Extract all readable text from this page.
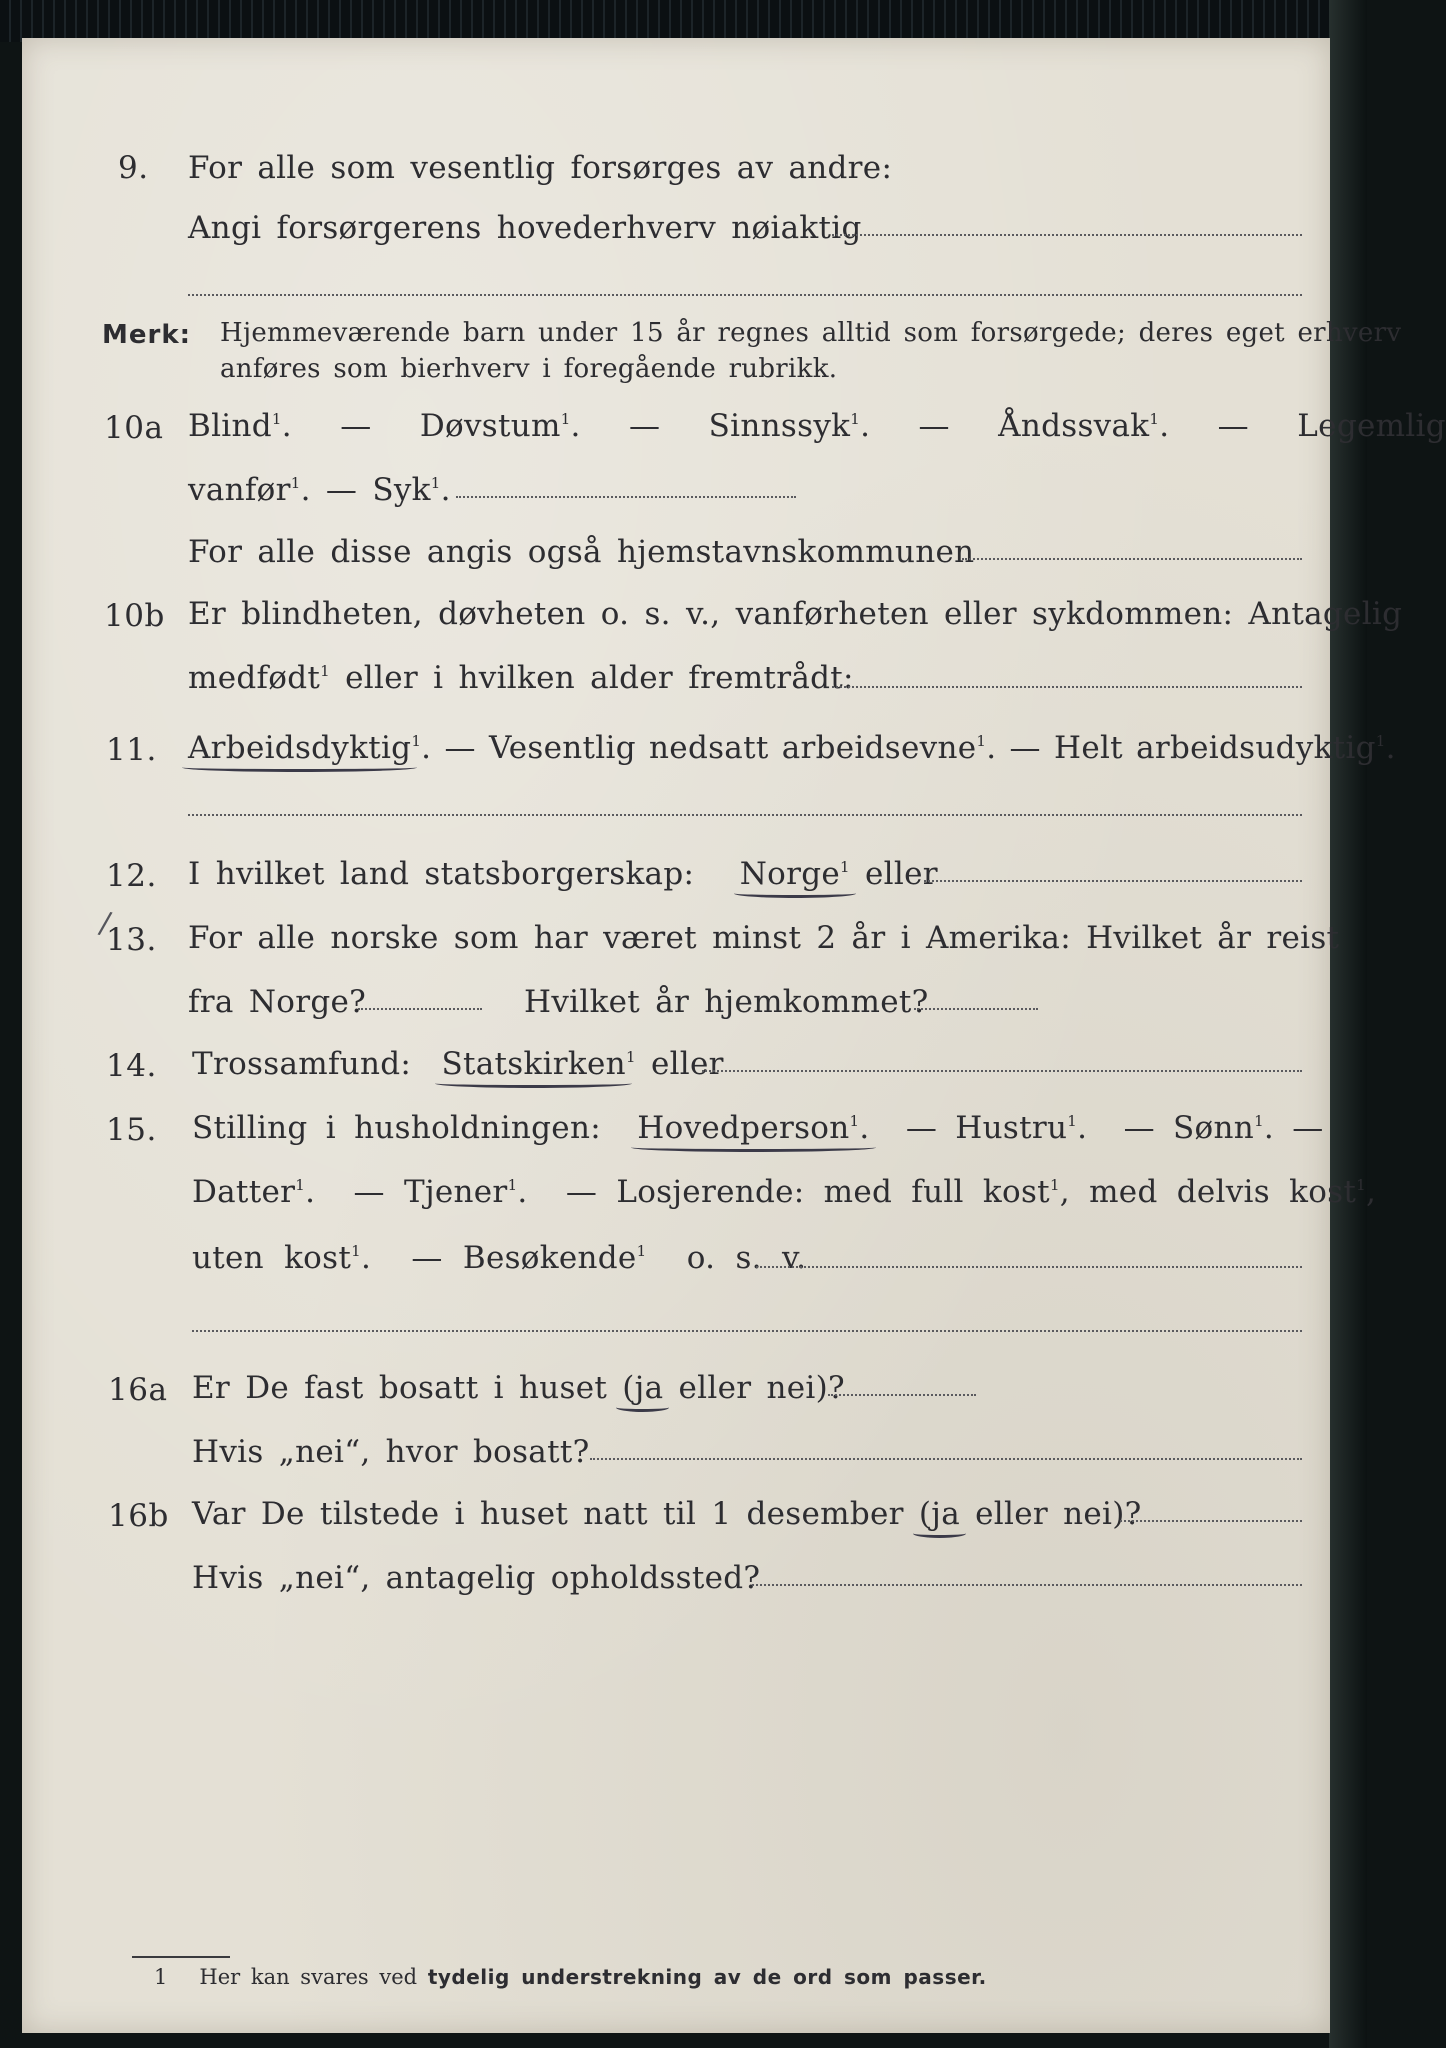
9. For alle som vesentlig forsørges av andre:
Angi forsørgerens hovederhverv nøiaktig
Merk: Hjemmeværende barn under 15 år regnes alltid som forsørgede; deres eget erhverv
anføres som bierhverv i foregående rubrikk.
10a Blind$^1$.  —  Døvstum$^1$.  —  Sinnssyk$^1$.  —  Åndssvak$^1$.  —  Legemlig
vanfør$^1$. — Syk$^1$.
For alle disse angis også hjemstavnskommunen
10b Er blindheten, døvheten o. s. v., vanførheten eller sykdommen: Antagelig
medfødt$^1$ eller i hvilken alder fremtrådt:
11. Arbeidsdyktig
$^1$. — Vesentlig nedsatt arbeidsevne$^1$. — Helt arbeidsudyktig$^1$.
/
12. I hvilket land statsborgerskap: Norge$^1$ eller
13. For alle norske som har været minst 2 år i Amerika: Hvilket år reist
fra Norge?	Hvilket år hjemkommet?
14. Trossamfund: Statskirken
$^1$ eller
15. Stilling i husholdningen: Hovedperson$^1$. — Hustru$^1$.  — Sønn$^1$. —
Datter$^1$.  — Tjener$^1$.  — Losjerende: med full kost$^1$, med delvis kost$^1$,
uten kost$^1$.  — Besøkende$^1$ o. s. v.
16a Er De fast bosatt i huset (ja eller nei)?
Hvis „nei“, hvor bosatt?
16b Var De tilstede i huset natt til 1 desember (ja eller nei)?
Hvis „nei“, antagelig opholdssted?
1 Her kan svares ved tydelig understrekning av de ord som passer.
